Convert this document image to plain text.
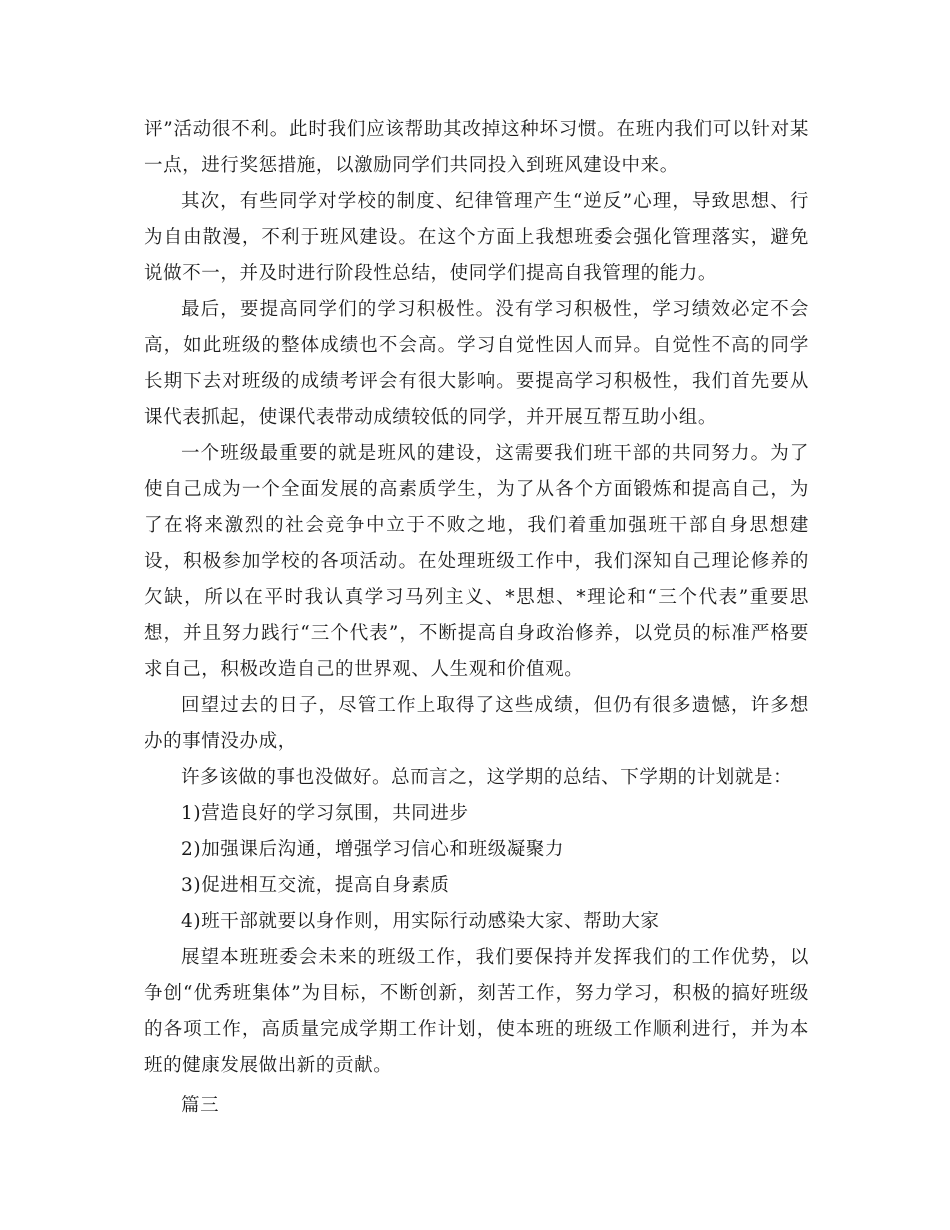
评”活动很不利。此时我们应该帮助其改掉这种坏习惯。在班内我们可以针对某一点，进行奖惩措施，以激励同学们共同投入到班风建设中来。

其次，有些同学对学校的制度、纪律管理产生“逆反”心理，导致思想、行为自由散漫，不利于班风建设。在这个方面上我想班委会强化管理落实，避免说做不一，并及时进行阶段性总结，使同学们提高自我管理的能力。

最后，要提高同学们的学习积极性。没有学习积极性，学习绩效必定不会高，如此班级的整体成绩也不会高。学习自觉性因人而异。自觉性不高的同学长期下去对班级的成绩考评会有很大影响。要提高学习积极性，我们首先要从课代表抓起，使课代表带动成绩较低的同学，并开展互帮互助小组。

一个班级最重要的就是班风的建设，这需要我们班干部的共同努力。为了使自己成为一个全面发展的高素质学生，为了从各个方面锻炼和提高自己，为了在将来激烈的社会竞争中立于不败之地，我们着重加强班干部自身思想建设，积极参加学校的各项活动。在处理班级工作中，我们深知自己理论修养的欠缺，所以在平时我认真学习马列主义、*思想、*理论和“三个代表”重要思想，并且努力践行“三个代表”，不断提高自身政治修养，以党员的标准严格要求自己，积极改造自己的世界观、人生观和价值观。

回望过去的日子，尽管工作上取得了这些成绩，但仍有很多遗憾，许多想办的事情没办成，

许多该做的事也没做好。总而言之，这学期的总结、下学期的计划就是：

1)营造良好的学习氛围，共同进步

2)加强课后沟通，增强学习信心和班级凝聚力

3)促进相互交流，提高自身素质

4)班干部就要以身作则，用实际行动感染大家、帮助大家

展望本班班委会未来的班级工作，我们要保持并发挥我们的工作优势，以争创“优秀班集体”为目标，不断创新，刻苦工作，努力学习，积极的搞好班级的各项工作，高质量完成学期工作计划，使本班的班级工作顺利进行，并为本班的健康发展做出新的贡献。

篇三
